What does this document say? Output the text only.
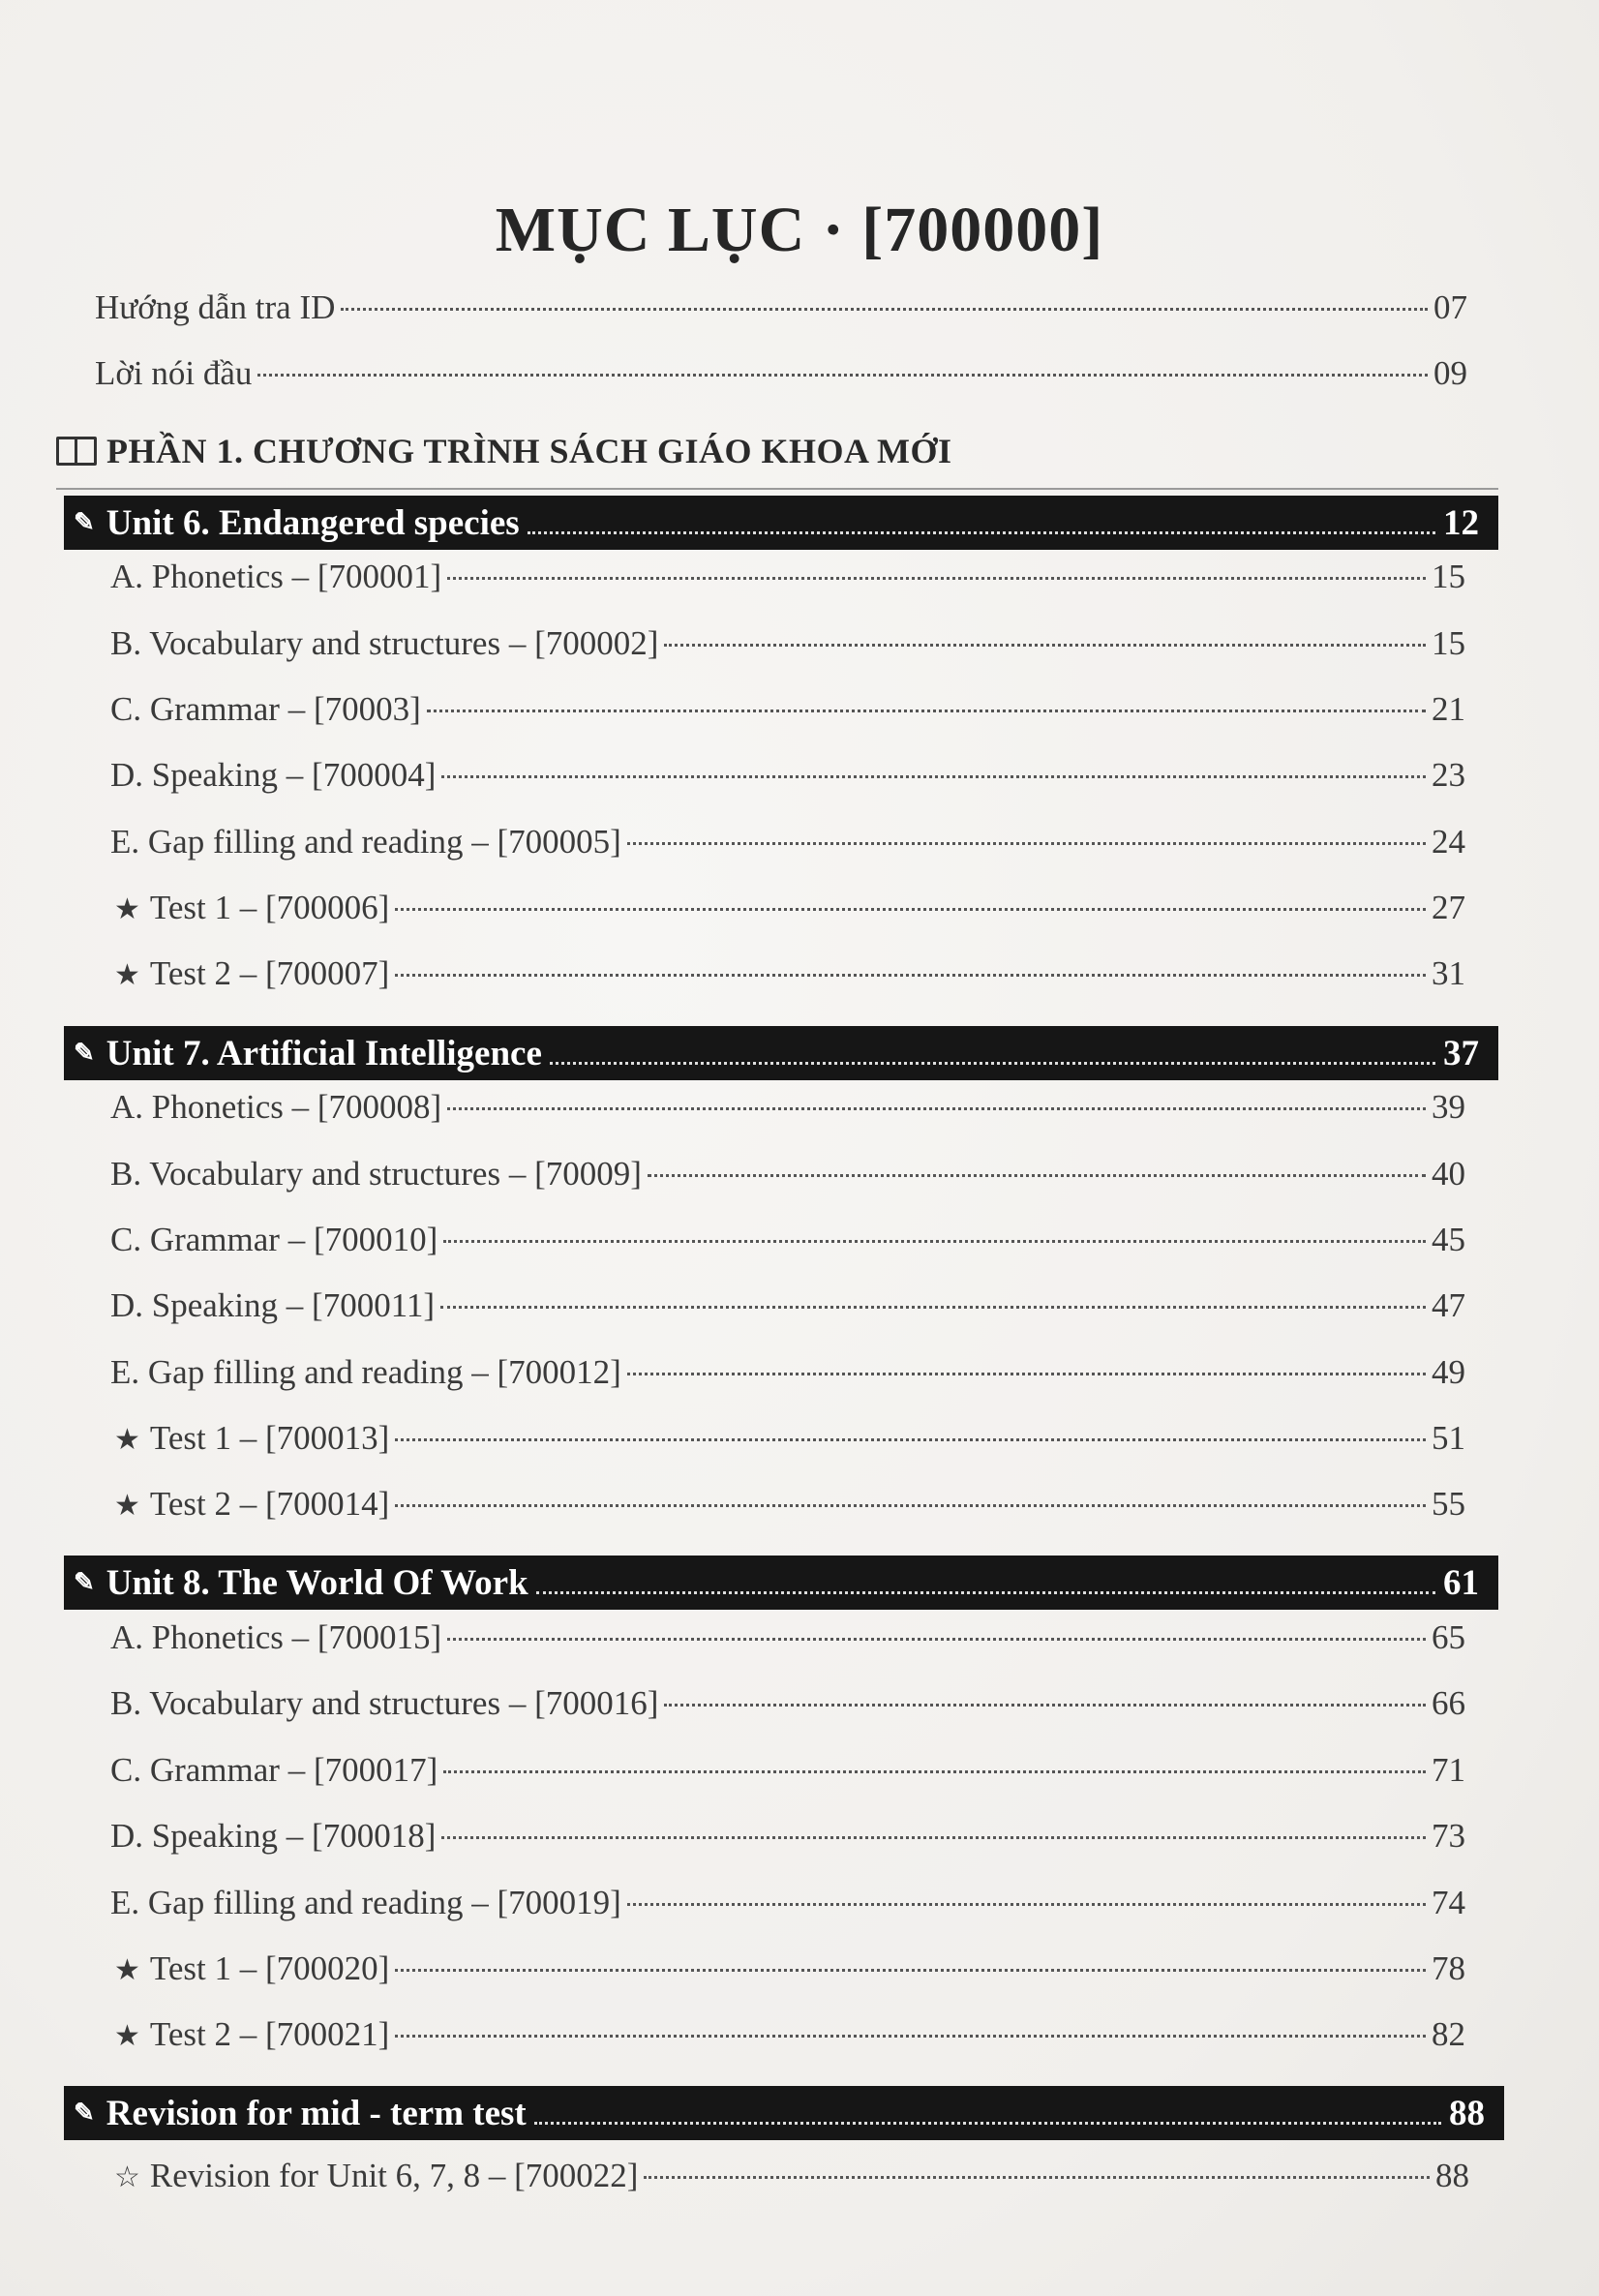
MỤC LỤC · [700000]
Hướng dẫn tra ID	07
Lời nói đầu	09
PHẦN 1. CHƯƠNG TRÌNH SÁCH GIÁO KHOA MỚI
✎ Unit 6. Endangered species	12
A. Phonetics – [700001]	15
B. Vocabulary and structures – [700002]	15
C. Grammar – [70003]	21
D. Speaking – [700004]	23
E. Gap filling and reading – [700005]	24
★ Test 1 – [700006]	27
★ Test 2 – [700007]	31
✎ Unit 7. Artificial Intelligence	37
A. Phonetics – [700008]	39
B. Vocabulary and structures – [70009]	40
C. Grammar – [700010]	45
D. Speaking – [700011]	47
E. Gap filling and reading – [700012]	49
★ Test 1 – [700013]	51
★ Test 2 – [700014]	55
✎ Unit 8. The World Of Work	61
A. Phonetics – [700015]	65
B. Vocabulary and structures – [700016]	66
C. Grammar – [700017]	71
D. Speaking – [700018]	73
E. Gap filling and reading – [700019]	74
★ Test 1 – [700020]	78
★ Test 2 – [700021]	82
✎ Revision for mid - term test	88
☆ Revision for Unit 6, 7, 8 – [700022]	88
